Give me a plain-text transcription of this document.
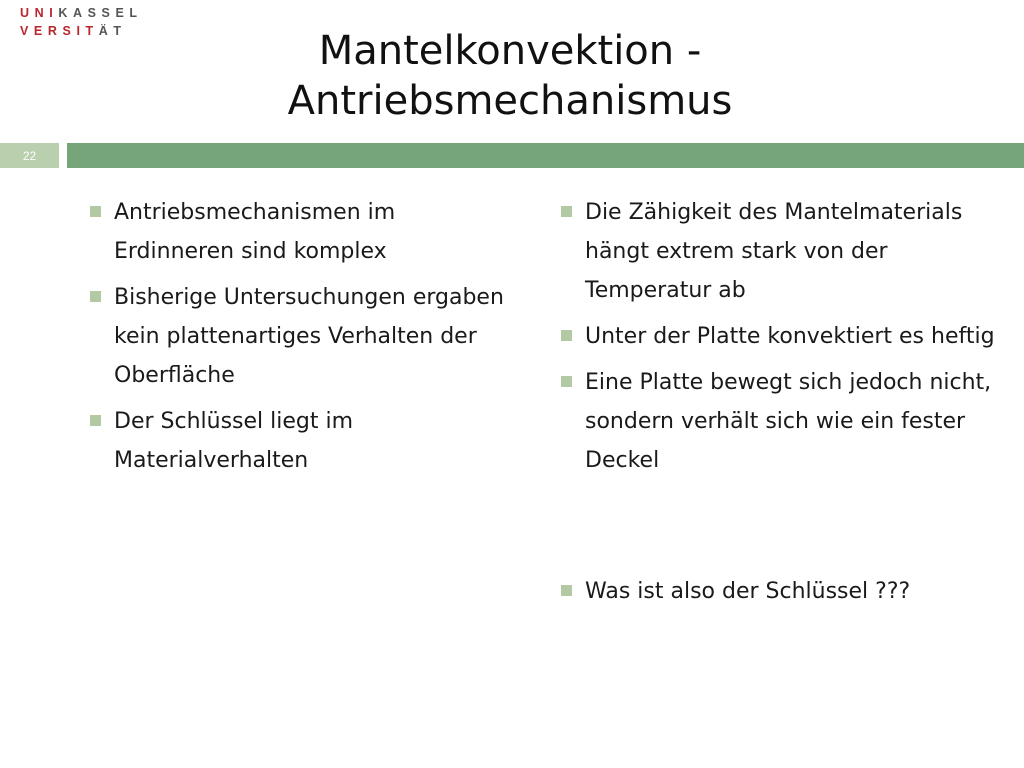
UNIKASSEL
VERSITÄT	Mantelkonvektion -
Antriebsmechanismus
22
Antriebsmechanismen im Erdinneren sind komplex
Bisherige Untersuchungen ergaben kein plattenartiges Verhalten der Oberfläche
Der Schlüssel liegt im Materialverhalten
Die Zähigkeit des Mantelmaterials hängt extrem stark von der Temperatur ab
Unter der Platte konvektiert es heftig
Eine Platte bewegt sich jedoch nicht, sondern verhält sich wie ein fester Deckel
Was ist also der Schlüssel ???
